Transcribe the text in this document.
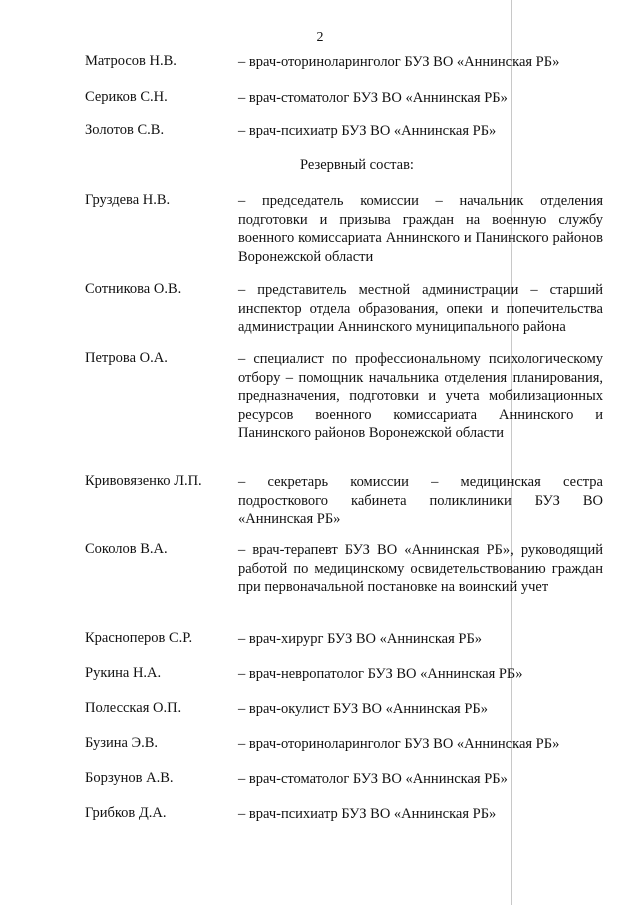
2
Матросов Н.В.	– врач-оториноларинголог БУЗ ВО «Аннинская РБ»
Сериков С.Н.	– врач-стоматолог БУЗ ВО «Аннинская РБ»
Золотов С.В.	– врач-психиатр БУЗ ВО «Аннинская РБ»
Резервный состав:
Груздева Н.В.	– председатель комиссии – начальник отделения подготовки и призыва граждан на военную службу военного комиссариата Аннинского и Панинского районов Воронежской области
Сотникова О.В.	– представитель местной администрации – старший инспектор отдела образования, опеки и попечительства администрации Аннинского муниципального района
Петрова О.А.	– специалист по профессиональному психологическому отбору – помощник начальника отделения планирования, предназначения, подготовки и учета мобилизационных ресурсов военного комиссариата Аннинского и Панинского районов Воронежской области
Кривовязенко Л.П.	– секретарь комиссии – медицинская сестра подросткового кабинета поликлиники БУЗ ВО «Аннинская РБ»
Соколов В.А.	– врач-терапевт БУЗ ВО «Аннинская РБ», руководящий работой по медицинскому освидетельствованию граждан при первоначальной постановке на воинский учет
Красноперов С.Р.	– врач-хирург БУЗ ВО «Аннинская РБ»
Рукина Н.А.	– врач-невропатолог БУЗ ВО «Аннинская РБ»
Полесская О.П.	– врач-окулист БУЗ ВО «Аннинская РБ»
Бузина Э.В.	– врач-оториноларинголог БУЗ ВО «Аннинская РБ»
Борзунов А.В.	– врач-стоматолог БУЗ ВО «Аннинская РБ»
Грибков Д.А.	– врач-психиатр БУЗ ВО «Аннинская РБ»
